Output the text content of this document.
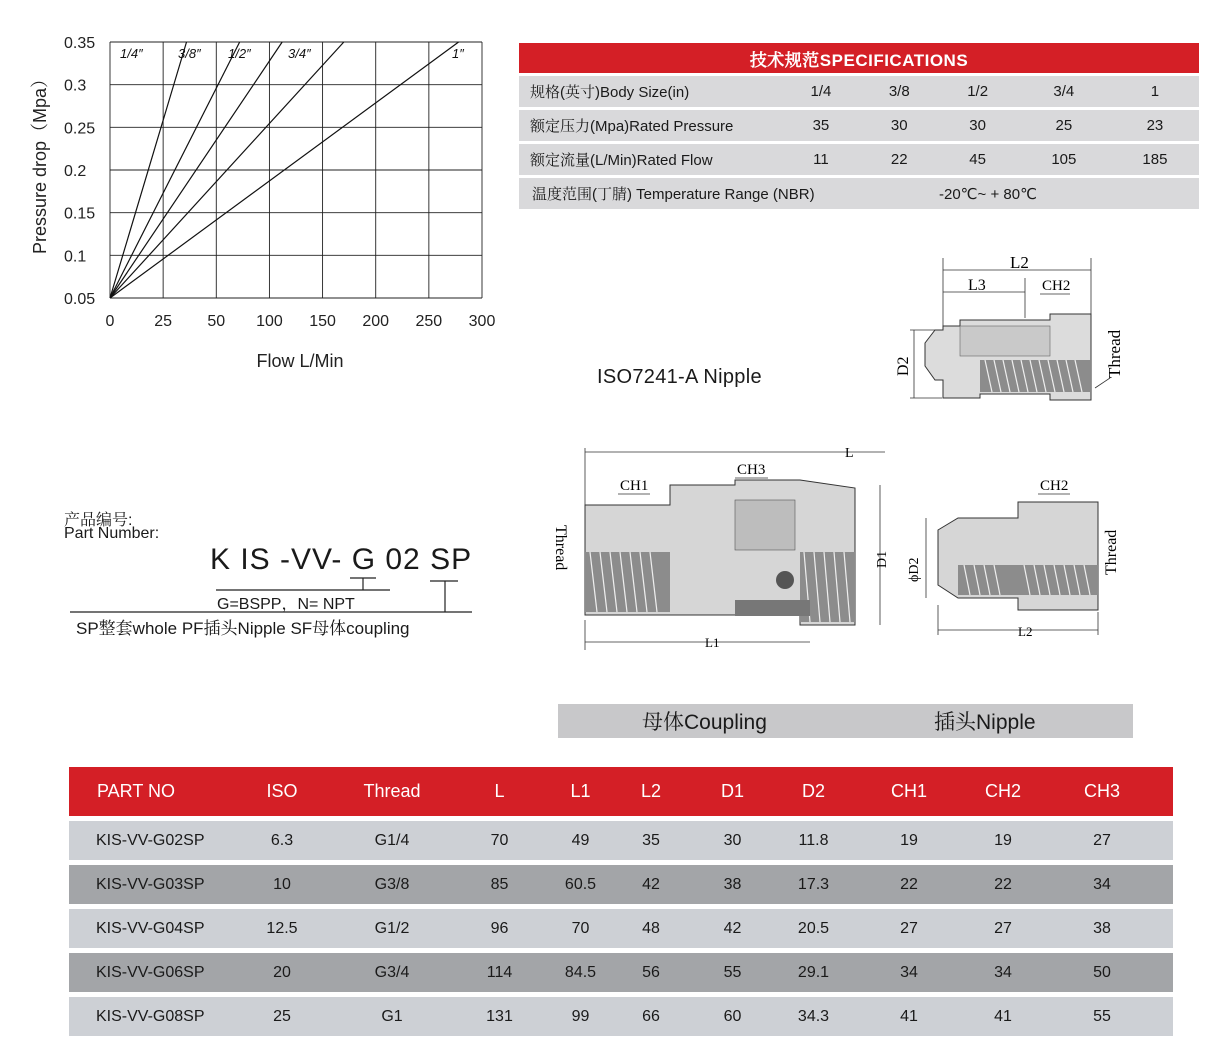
0.35
0.3
0.25
0.2
0.15
0.1
0.05
0 25 50 100 150 200 250 300
Flow L/Min
Pressure drop（Mpa）
1/4″	3/8″ 1/2″	3/4″	1″	技术规范SPECIFICATIONS
规格(英寸)Body Size(in)	1/4	3/8	1/2	3/4	1
额定压力(Mpa)Rated Pressure	35	30	30	25	23
额定流量(L/Min)Rated Flow	11	22	45	105	185
温度范围(丁腈) Temperature Range (NBR)	-20℃~ + 80℃
L2
L3	CH2
D2	Thread
ISO7241-A Nipple
L
CH1
CH3
D1
Thread
L1
CH2
ϕD2	Thread
L2
产品编号:
Part Number:
K IS -VV- G 02 SP
G=BSPP，N= NPT
SP整套whole PF插头Nipple SF母体coupling
母体Coupling	插头Nipple
PART NO	ISO	Thread	L	L1	L2	D1	D2	CH1	CH2	CH3
KIS-VV-G02SP	6.3	G1/4	70	49	35	30	11.8	19	19	27
KIS-VV-G03SP	10	G3/8	85	60.5	42	38	17.3	22	22	34
KIS-VV-G04SP	12.5	G1/2	96	70	48	42	20.5	27	27	38
KIS-VV-G06SP	20	G3/4	114	84.5	56	55	29.1	34	34	50
KIS-VV-G08SP	25	G1	131	99	66	60	34.3	41	41	55
